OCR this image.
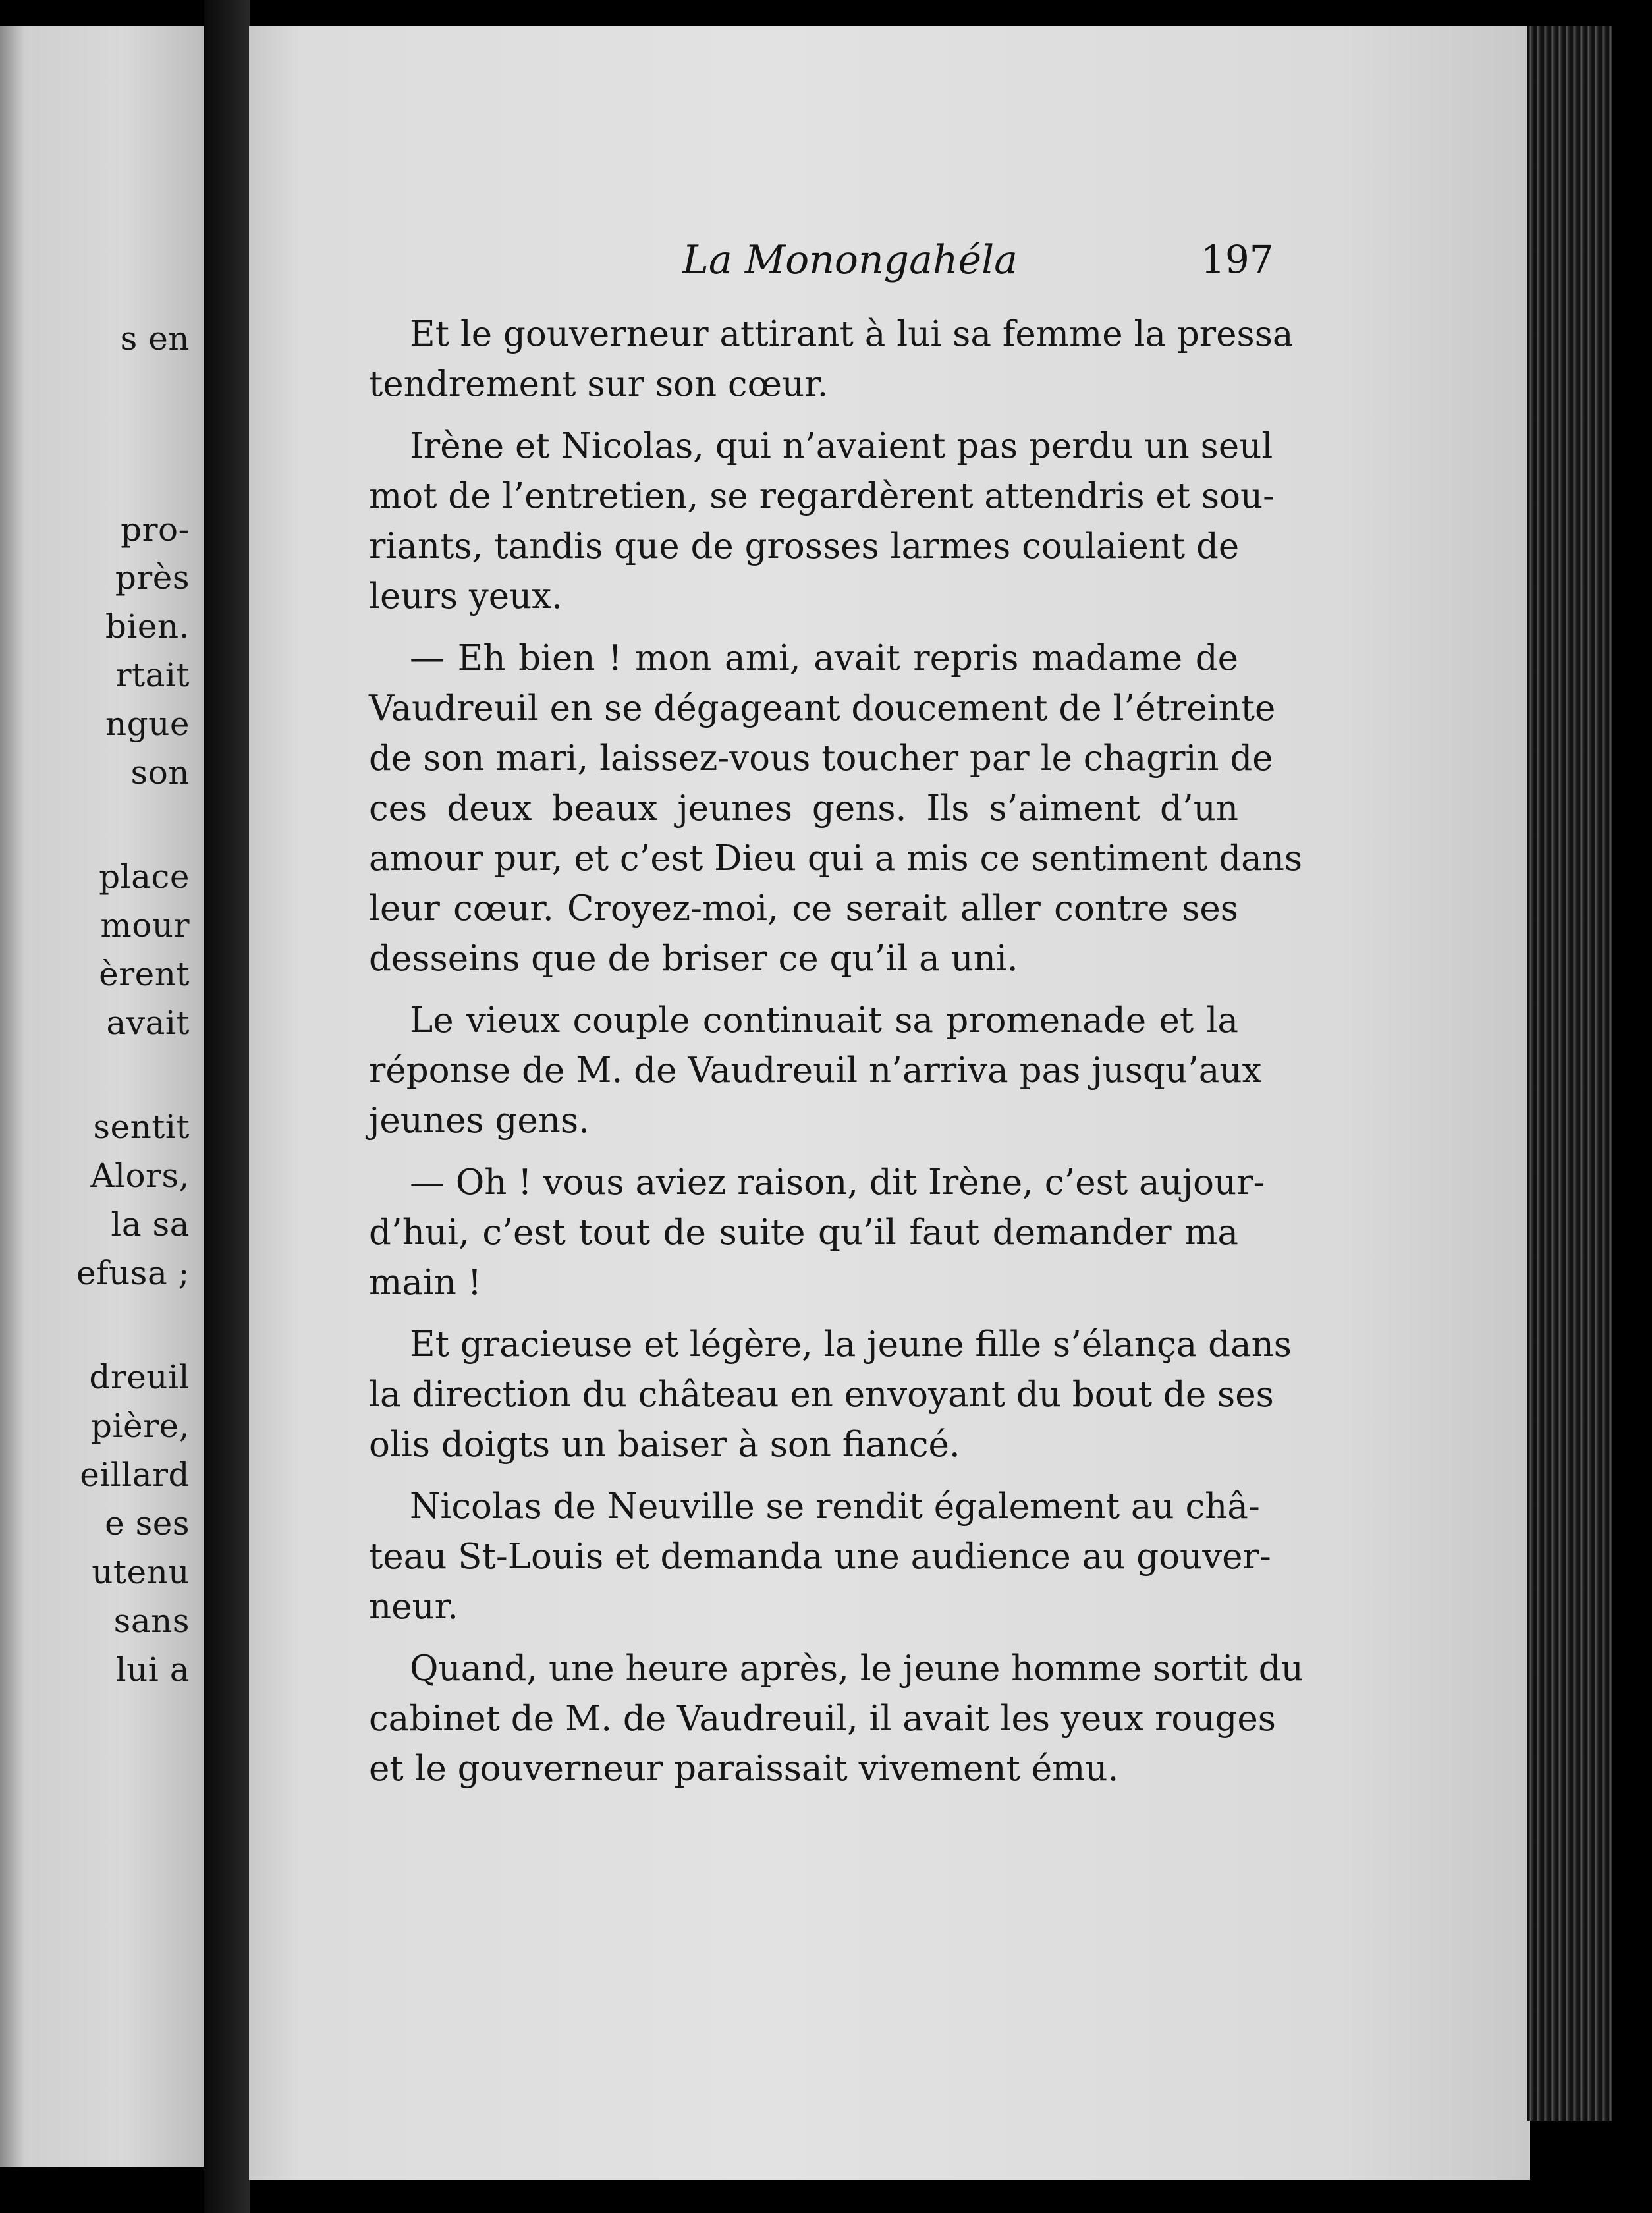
s en

pro-

près

bien.

rtait

ngue

son

place

mour

èrent

avait

sentit

Alors,

la sa

efusa ;

dreuil

pière,

eillard

e ses

utenu

sans

lui a

La Monongahéla	197

Et le gouverneur attirant à lui sa femme la pressa

tendrement sur son cœur.

Irène et Nicolas, qui n’avaient pas perdu un seul

mot de l’entretien, se regardèrent attendris et sou-

riants, tandis que de grosses larmes coulaient de

leurs yeux.

— Eh bien ! mon ami, avait repris madame de

Vaudreuil en se dégageant doucement de l’étreinte

de son mari, laissez-vous toucher par le chagrin de

ces deux beaux jeunes gens. Ils s’aiment d’un

amour pur, et c’est Dieu qui a mis ce sentiment dans

leur cœur. Croyez-moi, ce serait aller contre ses

desseins que de briser ce qu’il a uni.

Le vieux couple continuait sa promenade et la

réponse de M. de Vaudreuil n’arriva pas jusqu’aux

jeunes gens.

— Oh ! vous aviez raison, dit Irène, c’est aujour-

d’hui, c’est tout de suite qu’il faut demander ma

main !

Et gracieuse et légère, la jeune fille s’élança dans

la direction du château en envoyant du bout de ses

olis doigts un baiser à son fiancé.

Nicolas de Neuville se rendit également au châ-

teau St-Louis et demanda une audience au gouver-

neur.

Quand, une heure après, le jeune homme sortit du

cabinet de M. de Vaudreuil, il avait les yeux rouges

et le gouverneur paraissait vivement ému.
